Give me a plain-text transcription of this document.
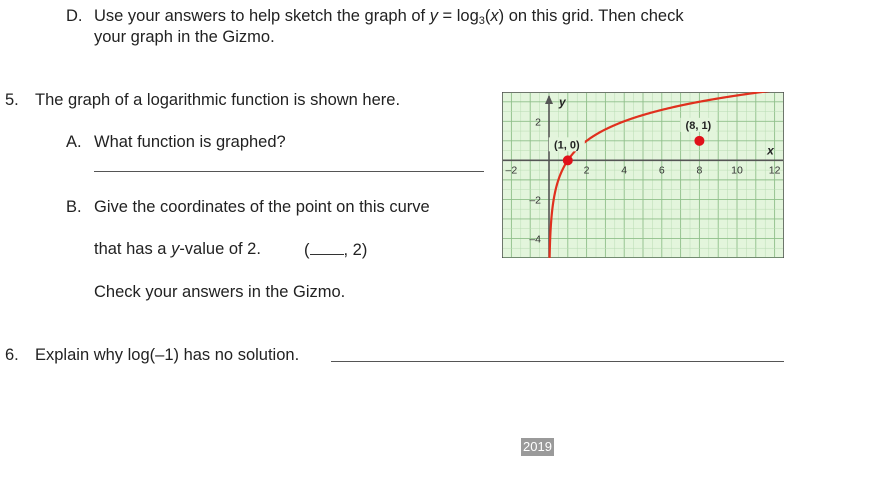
D. Use your answers to help sketch the graph of $y = \log_3(x)$ on this grid. Then check
your graph in the Gizmo.
5. The graph of a logarithmic function is shown here.
A. What function is graphed?
B. Give the coordinates of the point on this curve
that has a y-value of 2.	( , 2)
Check your answers in the Gizmo.
y
x
–2	2	4	6	8	10 12
2
–2
–4
(1, 0)
(8, 1)
6. Explain why log(–1) has no solution.
2019
